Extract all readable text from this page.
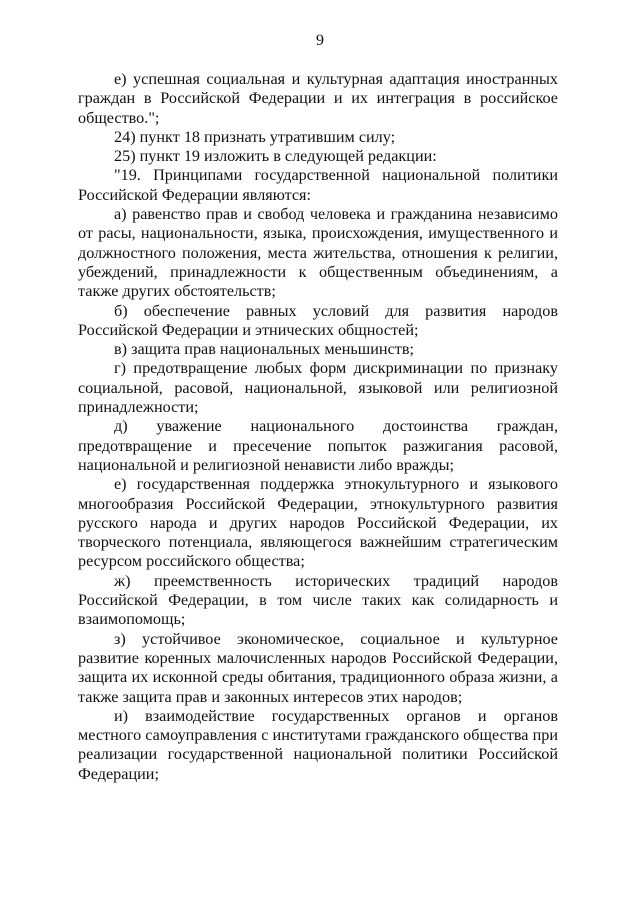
9

е) успешная социальная и культурная адаптация иностранных граждан в Российской Федерации и их интеграция в российское общество.";

24) пункт 18 признать утратившим силу;

25) пункт 19 изложить в следующей редакции:

"19. Принципами государственной национальной политики Российской Федерации являются:

а) равенство прав и свобод человека и гражданина независимо от расы, национальности, языка, происхождения, имущественного и должностного положения, места жительства, отношения к религии, убеждений, принадлежности к общественным объединениям, а также других обстоятельств;

б) обеспечение равных условий для развития народов Российской Федерации и этнических общностей;

в) защита прав национальных меньшинств;

г) предотвращение любых форм дискриминации по признаку социальной, расовой, национальной, языковой или религиозной принадлежности;

д) уважение национального достоинства граждан, предотвращение и пресечение попыток разжигания расовой, национальной и религиозной ненависти либо вражды;

е) государственная поддержка этнокультурного и языкового многообразия Российской Федерации, этнокультурного развития русского народа и других народов Российской Федерации, их творческого потенциала, являющегося важнейшим стратегическим ресурсом российского общества;

ж) преемственность исторических традиций народов Российской Федерации, в том числе таких как солидарность и взаимопомощь;

з) устойчивое экономическое, социальное и культурное развитие коренных малочисленных народов Российской Федерации, защита их исконной среды обитания, традиционного образа жизни, а также защита прав и законных интересов этих народов;

и) взаимодействие государственных органов и органов местного самоуправления с институтами гражданского общества при реализации государственной национальной политики Российской Федерации;
